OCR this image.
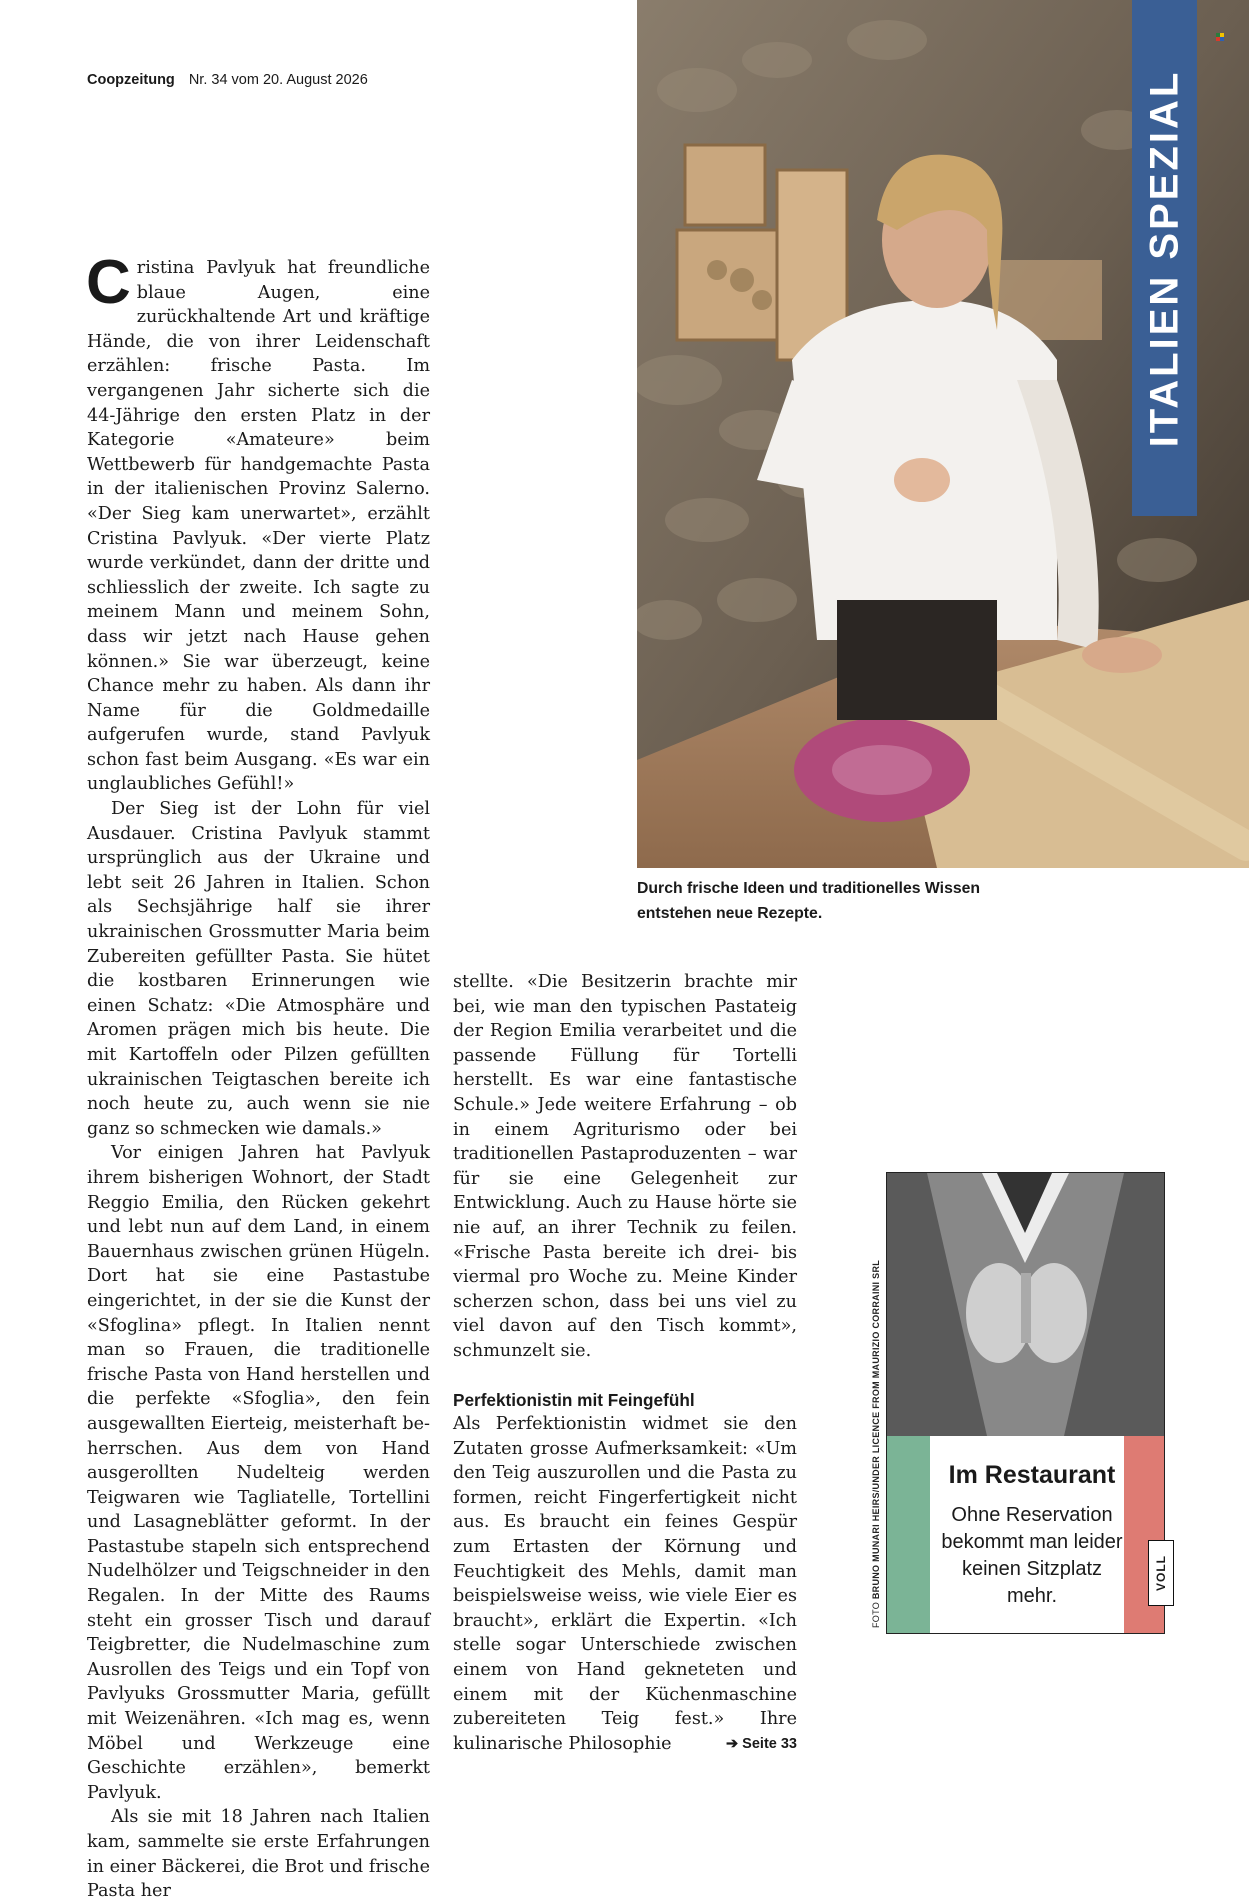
Coopzeitung Nr. 34 vom 20. August 2026	ITALIEN SPEZIAL
Durch frische Ideen und traditionelles Wissen entstehen neue Rezepte.

Cristina Pavlyuk hat freundliche blaue Augen, eine zurückhaltende Art und kräftige Hände, die von ihrer Leidenschaft erzählen: frische Pasta. Im vergangenen Jahr sicherte sich die 44-Jährige den ersten Platz in der Kategorie «Amateure» beim Wettbewerb für handgemachte Pasta in der italienischen Provinz Salerno. «Der Sieg kam unerwartet», erzählt Cristina Pavlyuk. «Der vierte Platz wurde verkündet, dann der dritte und schliesslich der zweite. Ich sagte zu meinem Mann und meinem Sohn, dass wir jetzt nach Hause gehen können.» Sie war überzeugt, keine Chance mehr zu haben. Als dann ihr Name für die Goldmedaille aufgerufen wurde, stand Pavlyuk schon fast beim Ausgang. «Es war ein unglaubliches Gefühl!»

Der Sieg ist der Lohn für viel Ausdauer. Cristina Pavlyuk stammt ursprünglich aus der Ukraine und lebt seit 26 Jahren in Italien. Schon als Sechsjährige half sie ihrer ukrainischen Grossmutter Maria beim Zubereiten gefüllter Pasta. Sie hütet die kostbaren Erinnerungen wie einen Schatz: «Die Atmosphäre und Aromen prägen mich bis heute. Die mit Kartoffeln oder Pilzen gefüllten ukrainischen Teigtaschen bereite ich noch heute zu, auch wenn sie nie ganz so schmecken wie damals.»

Vor einigen Jahren hat Pavlyuk ihrem bisherigen Wohnort, der Stadt Reggio Emilia, den Rücken gekehrt und lebt nun auf dem Land, in einem Bauernhaus zwischen grünen Hügeln. Dort hat sie eine Pastastube eingerichtet, in der sie die Kunst der «Sfoglina» pflegt. In Italien nennt man so Frauen, die traditionelle frische Pasta von Hand herstellen und die perfekte «Sfoglia», den fein ausgewallten Eierteig, meisterhaft beherrschen. Aus dem von Hand ausgerollten Nudelteig werden Teigwaren wie Tagliatelle, Tortellini und Lasagneblätter geformt. In der Pastastube stapeln sich entsprechend Nudelhölzer und Teigschneider in den Regalen. In der Mitte des Raums steht ein grosser Tisch und darauf Teigbretter, die Nudelmaschine zum Ausrollen des Teigs und ein Topf von Pavlyuks Grossmutter Maria, gefüllt mit Weizenähren. «Ich mag es, wenn Möbel und Werkzeuge eine Geschichte erzählen», bemerkt Pavlyuk.

Als sie mit 18 Jahren nach Italien kam, sammelte sie erste Erfahrungen in einer Bäckerei, die Brot und frische Pasta her

stellte. «Die Besitzerin brachte mir bei, wie man den typischen Pastateig der Region Emilia verarbeitet und die passende Füllung für Tortelli herstellt. Es war eine fantastische Schule.» Jede weitere Erfahrung – ob in einem Agriturismo oder bei traditionellen Pastaproduzenten – war für sie eine Gelegenheit zur Entwicklung. Auch zu Hause hörte sie nie auf, an ihrer Technik zu feilen. «Frische Pasta bereite ich drei- bis viermal pro Woche zu. Meine Kinder scherzen schon, dass bei uns viel zu viel davon auf den Tisch kommt», schmunzelt sie.

Perfektionistin mit Feingefühl

Als Perfektionistin widmet sie den Zutaten grosse Aufmerksamkeit: «Um den Teig auszurollen und die Pasta zu formen, reicht Fingerfertigkeit nicht aus. Es braucht ein feines Gespür zum Ertasten der Körnung und Feuchtigkeit des Mehls, damit man beispielsweise weiss, wie viele Eier es braucht», erklärt die Expertin. «Ich stelle sogar Unterschiede zwischen einem von Hand gekneteten und einem mit der Küchenmaschine zubereiteten Teig fest.» Ihre kulinarische Philosophie	➔ Seite 33

Im Restaurant
Ohne Reservation bekommt man leider keinen Sitzplatz mehr.
VOLL
FOTO BRUNO MUNARI HEIRS/UNDER LICENCE FROM MAURIZIO CORRAINI SRL
